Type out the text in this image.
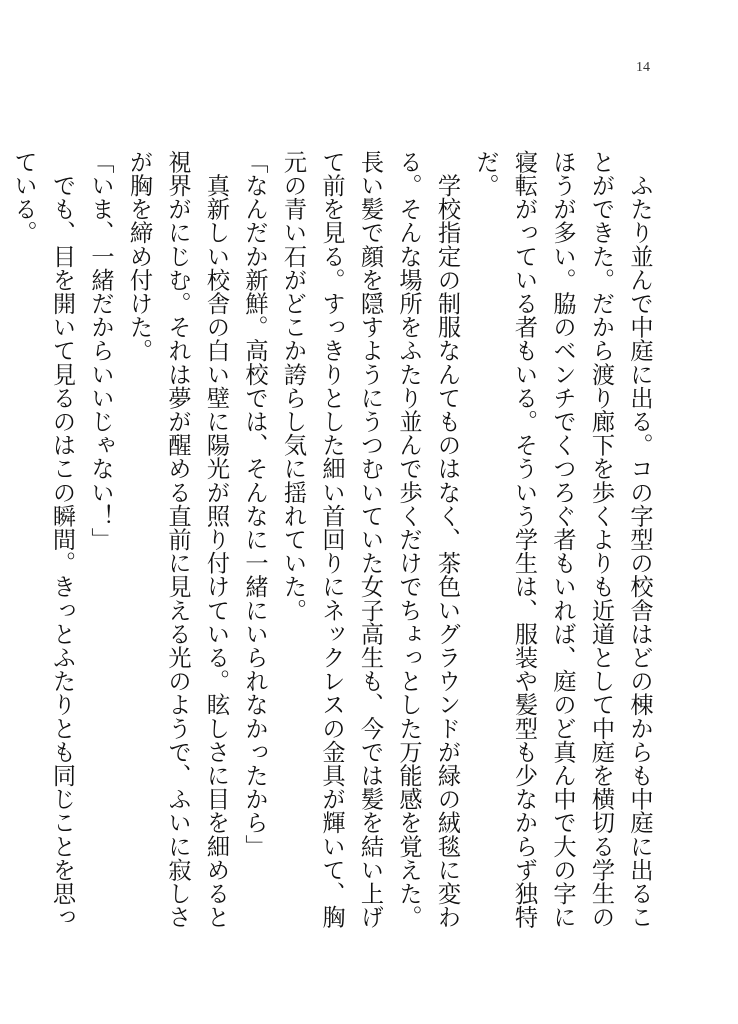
14

　ふたり並んで中庭に出る。コの字型の校舎はどの棟からも中庭に出ることができた。だから渡り廊下を歩くよりも近道として中庭を横切る学生のほうが多い。脇のベンチでくつろぐ者もいれば、庭のど真ん中で大の字に寝転がっている者もいる。そういう学生は、服装や髪型も少なからず独特だ。

　学校指定の制服なんてものはなく、茶色いグラウンドが緑の絨毯に変わる。そんな場所をふたり並んで歩くだけでちょっとした万能感を覚えた。長い髪で顔を隠すようにうつむいていた女子高生も、今では髪を結い上げて前を見る。すっきりとした細い首回りにネックレスの金具が輝いて、胸元の青い石がどこか誇らし気に揺れていた。

「なんだか新鮮。高校では、そんなに一緒にいられなかったから」

　真新しい校舎の白い壁に陽光が照り付けている。眩しさに目を細めると視界がにじむ。それは夢が醒める直前に見える光のようで、ふいに寂しさが胸を締め付けた。

「いま、一緒だからいいじゃない！」

　でも、目を開いて見るのはこの瞬間。きっとふたりとも同じことを思っている。
